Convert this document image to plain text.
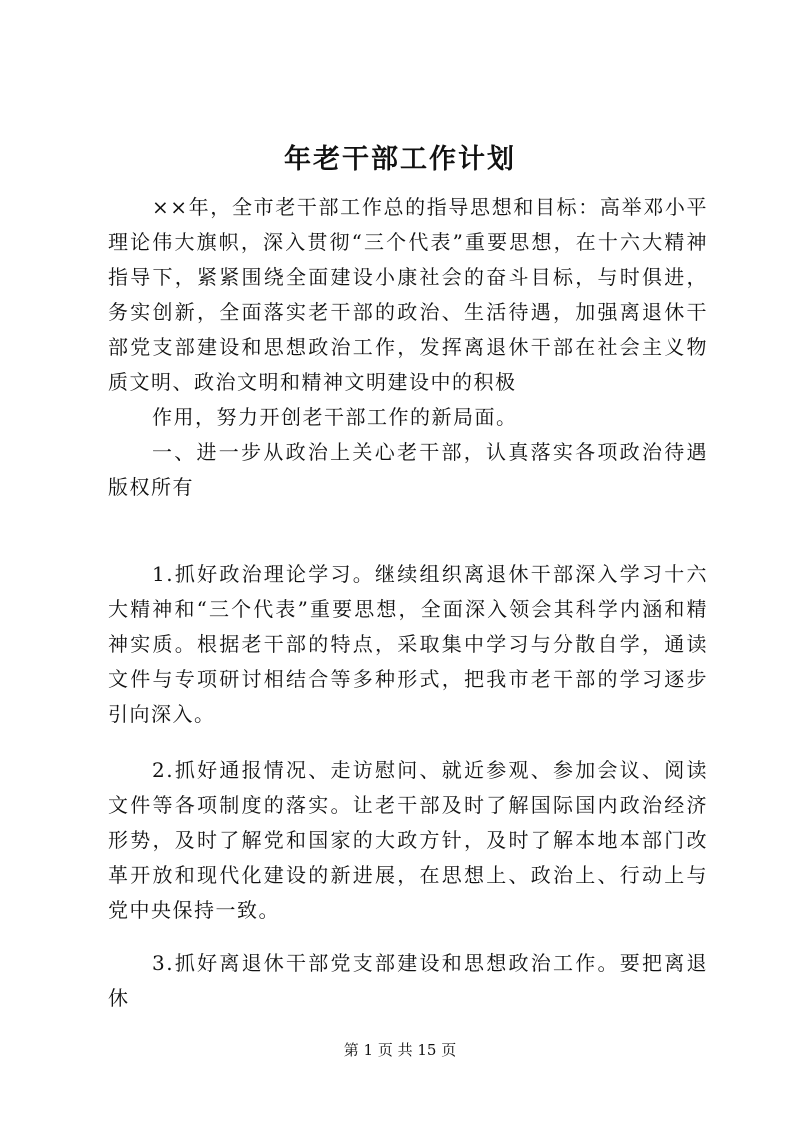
年老干部工作计划

××年，全市老干部工作总的指导思想和目标：高举邓小平理论伟大旗帜，深入贯彻“三个代表”重要思想，在十六大精神指导下，紧紧围绕全面建设小康社会的奋斗目标，与时俱进，务实创新，全面落实老干部的政治、生活待遇，加强离退休干部党支部建设和思想政治工作，发挥离退休干部在社会主义物质文明、政治文明和精神文明建设中的积极

作用，努力开创老干部工作的新局面。

一、进一步从政治上关心老干部，认真落实各项政治待遇版权所有

1.抓好政治理论学习。继续组织离退休干部深入学习十六大精神和“三个代表”重要思想，全面深入领会其科学内涵和精神实质。根据老干部的特点，采取集中学习与分散自学，通读文件与专项研讨相结合等多种形式，把我市老干部的学习逐步引向深入。

2.抓好通报情况、走访慰问、就近参观、参加会议、阅读文件等各项制度的落实。让老干部及时了解国际国内政治经济形势，及时了解党和国家的大政方针，及时了解本地本部门改革开放和现代化建设的新进展，在思想上、政治上、行动上与党中央保持一致。

3.抓好离退休干部党支部建设和思想政治工作。要把离退休

第 1 页 共 15 页
